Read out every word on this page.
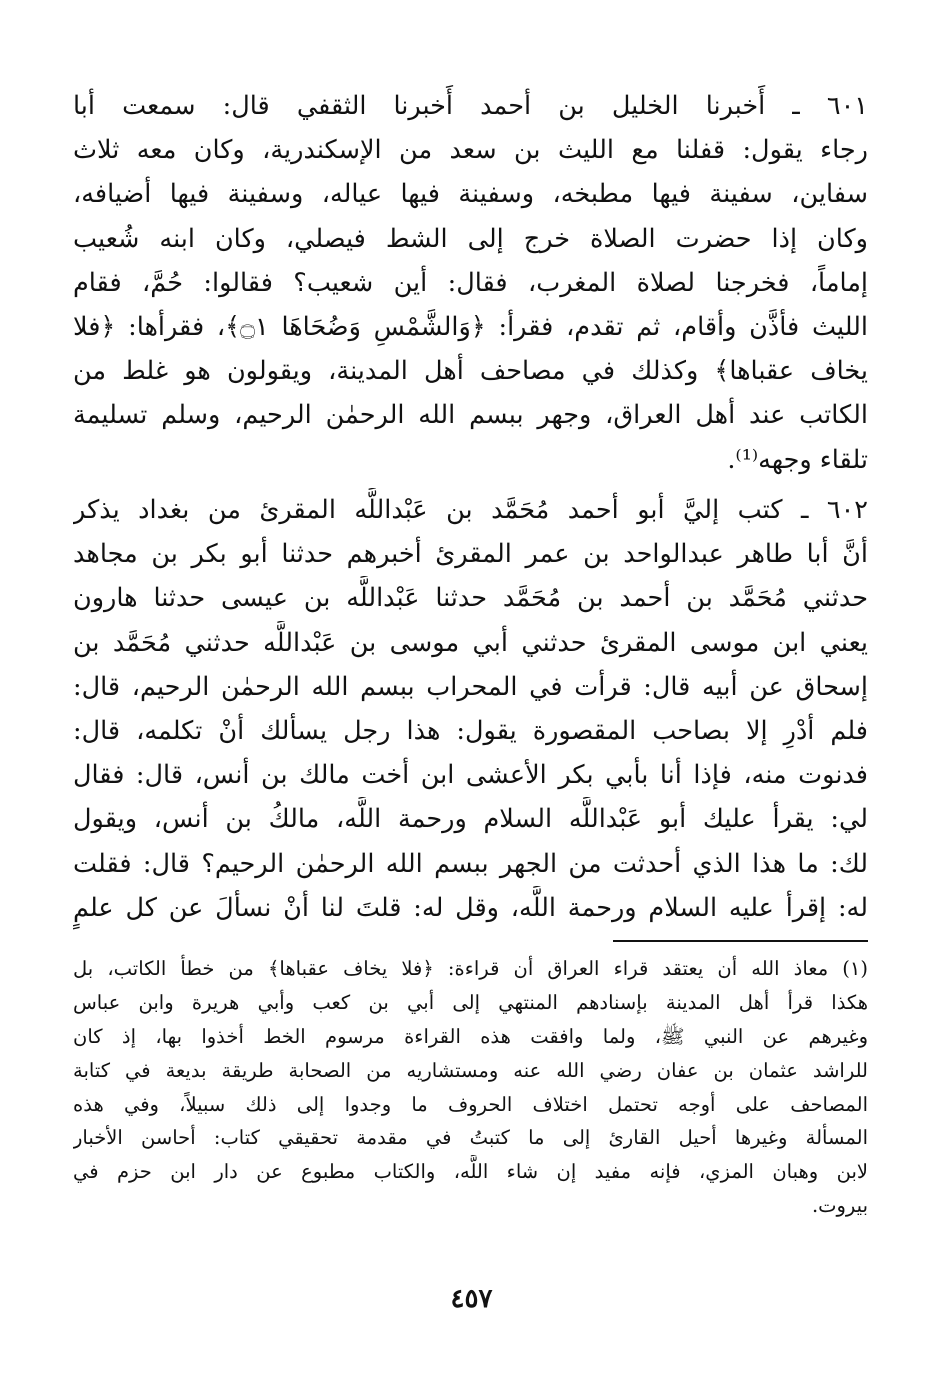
٦٠١ ـ أَخبرنا الخليل بن أحمد أَخبرنا الثقفي قال: سمعت أبا
رجاء يقول: قفلنا مع الليث بن سعد من الإسكندرية، وكان معه ثلاث
سفاين، سفينة فيها مطبخه، وسفينة فيها عياله، وسفينة فيها أضيافه،
وكان إذا حضرت الصلاة خرج إلى الشط فيصلي، وكان ابنه شُعيب
إماماً، فخرجنا لصلاة المغرب، فقال: أين شعيب؟ فقالوا: حُمَّ، فقام
الليث فأذَّن وأقام، ثم تقدم، فقرأ: ﴿وَالشَّمْسِ وَضُحَاهَا ۝١﴾، فقرأها: ﴿فلا
يخاف عقباها﴾ وكذلك في مصاحف أهل المدينة، ويقولون هو غلط من
الكاتب عند أهل العراق، وجهر ببسم الله الرحمٰن الرحيم، وسلم تسليمة
تلقاء وجهه⁽¹⁾.
٦٠٢ ـ كتب إليَّ أبو أحمد مُحَمَّد بن عَبْداللَّه المقرئ من بغداد يذكر
أنَّ أبا طاهر عبدالواحد بن عمر المقرئ أخبرهم حدثنا أبو بكر بن مجاهد
حدثني مُحَمَّد بن أحمد بن مُحَمَّد حدثنا عَبْداللَّه بن عيسى حدثنا هارون
يعني ابن موسى المقرئ حدثني أبي موسى بن عَبْداللَّه حدثني مُحَمَّد بن
إسحاق عن أبيه قال: قرأت في المحراب ببسم الله الرحمٰن الرحيم، قال:
فلم أدْرِ إلا بصاحب المقصورة يقول: هذا رجل يسألك أنْ تكلمه، قال:
فدنوت منه، فإذا أنا بأبي بكر الأعشى ابن أخت مالك بن أنس، قال: فقال
لي: يقرأ عليك أبو عَبْداللَّه السلام ورحمة اللَّه، مالكُ بن أنس، ويقول
لك: ما هذا الذي أحدثت من الجهر ببسم الله الرحمٰن الرحيم؟ قال: فقلت
له: إقرأ عليه السلام ورحمة اللَّه، وقل له: قلتَ لنا أنْ نسألَ عن كل علمٍ
(١) معاذ الله أن يعتقد قراء العراق أن قراءة: ﴿فلا يخاف عقباها﴾ من خطأ الكاتب، بل
هكذا قرأ أهل المدينة بإسنادهم المنتهي إلى أبي بن كعب وأبي هريرة وابن عباس
وغيرهم عن النبي ﷺ، ولما وافقت هذه القراءة مرسوم الخط أخذوا بها، إذ كان
للراشد عثمان بن عفان رضي الله عنه ومستشاريه من الصحابة طريقة بديعة في كتابة
المصاحف على أوجه تحتمل اختلاف الحروف ما وجدوا إلى ذلك سبيلاً، وفي هذه
المسألة وغيرها أحيل القارئ إلى ما كتبتُ في مقدمة تحقيقي كتاب: أحاسن الأخبار
لابن وهبان المزي، فإنه مفيد إن شاء اللَّه، والكتاب مطبوع عن دار ابن حزم في
بيروت.
٤٥٧
